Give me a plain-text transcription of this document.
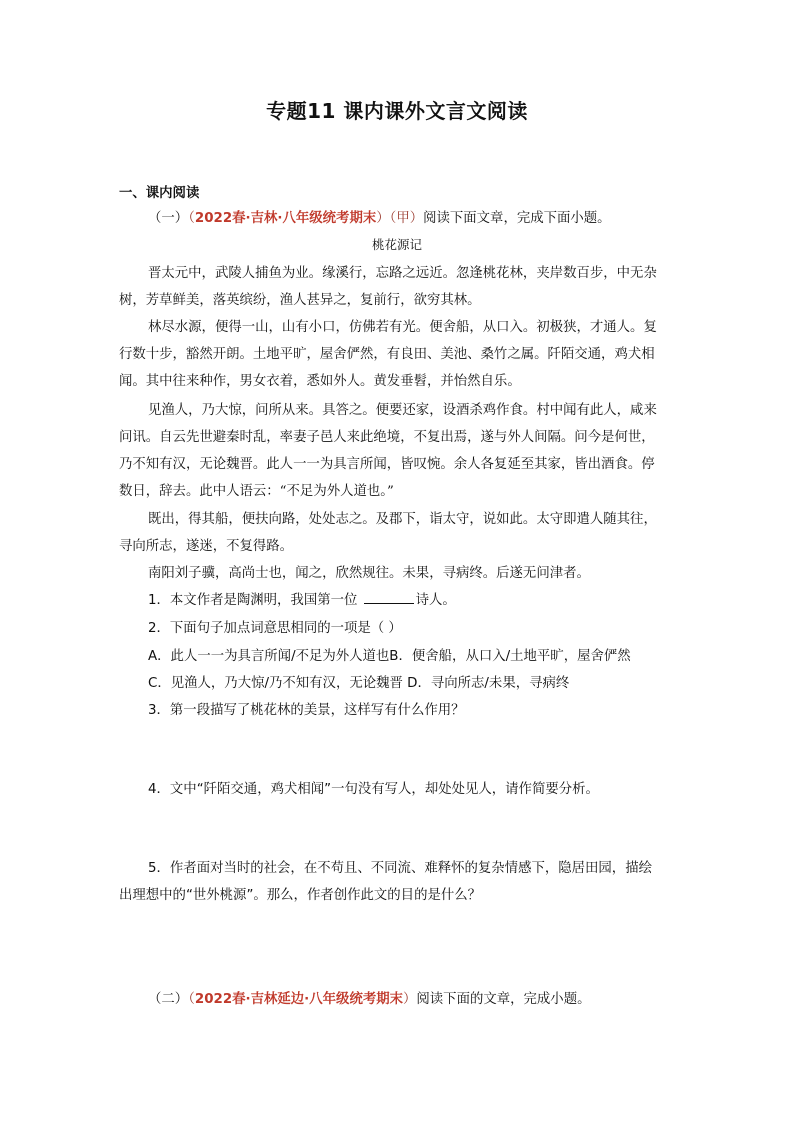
专题11 课内课外文言文阅读
一、课内阅读
（一）（2022春·吉林·八年级统考期末）（甲）阅读下面文章，完成下面小题。
桃花源记
晋太元中，武陵人捕鱼为业。缘溪行，忘路之远近。忽逢桃花林，夹岸数百步，中无杂
树，芳草鲜美，落英缤纷，渔人甚异之，复前行，欲穷其林。
林尽水源，便得一山，山有小口，仿佛若有光。便舍船，从口入。初极狭，才通人。复
行数十步，豁然开朗。土地平旷，屋舍俨然，有良田、美池、桑竹之属。阡陌交通，鸡犬相
闻。其中往来种作，男女衣着，悉如外人。黄发垂髫，并怡然自乐。
见渔人，乃大惊，问所从来。具答之。便要还家，设酒杀鸡作食。村中闻有此人，咸来
问讯。自云先世避秦时乱，率妻子邑人来此绝境，不复出焉，遂与外人间隔。问今是何世，
乃不知有汉，无论魏晋。此人一一为具言所闻，皆叹惋。余人各复延至其家，皆出酒食。停
数日，辞去。此中人语云：“不足为外人道也。”
既出，得其船，便扶向路，处处志之。及郡下，诣太守，说如此。太守即遣人随其往，
寻向所志，遂迷，不复得路。
南阳刘子骥，高尚士也，闻之，欣然规往。未果，寻病终。后遂无问津者。
1．本文作者是陶渊明，我国第一位	诗人。
2．下面句子加点词意思相同的一项是（ ）
A．此人一一为具言所闻/不足为外人道也B．便舍船，从口入/土地平旷，屋舍俨然
C．见渔人，乃大惊/乃不知有汉，无论魏晋 D．寻向所志/未果，寻病终
3．第一段描写了桃花林的美景，这样写有什么作用？
4．文中“阡陌交通，鸡犬相闻”一句没有写人，却处处见人，请作简要分析。
5．作者面对当时的社会，在不苟且、不同流、难释怀的复杂情感下，隐居田园，描绘
出理想中的“世外桃源”。那么，作者创作此文的目的是什么？
（二）（2022春·吉林延边·八年级统考期末）阅读下面的文章，完成小题。
